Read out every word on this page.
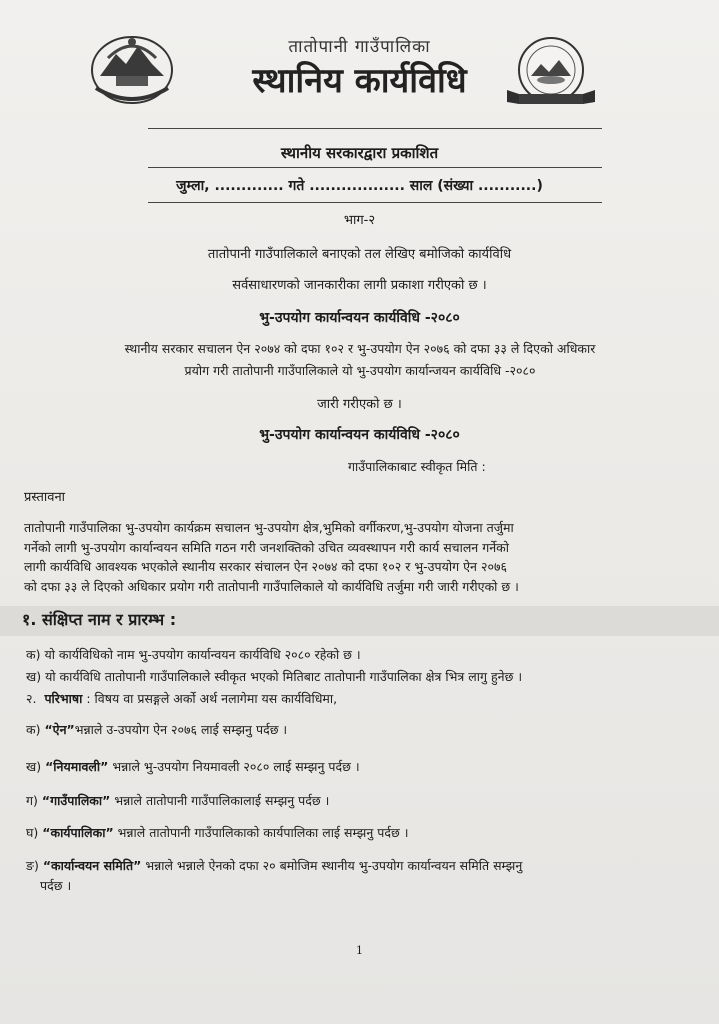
तातोपानी गाउँपालिका
स्थानिय कार्यविधि
स्थानीय सरकारद्वारा प्रकाशित
जुम्ला, ............. गते .................. साल (संख्या ...........)
भाग-२
तातोपानी गाउँपालिकाले बनाएको तल लेखिए बमोजिको कार्यविधि
सर्वसाधारणको जानकारीका लागी प्रकाशा गरीएको छ ।
भु-उपयोग कार्यान्वयन कार्यविधि -२०८०
स्थानीय सरकार सचालन ऐन २०७४ को दफा १०२ र भु-उपयोग ऐन २०७६ को दफा ३३ ले दिएको अधिकार
प्रयोग गरी तातोपानी गाउँपालिकाले यो भु-उपयोग कार्यान्जयन कार्यविधि -२०८०
जारी गरीएको छ ।
भु-उपयोग कार्यान्वयन कार्यविधि -२०८०
गाउँपालिकाबाट स्वीकृत मिति :
प्रस्तावना
तातोपानी गाउँपालिका भु-उपयोग कार्यक्रम सचालन भु-उपयोग क्षेत्र,भुमिको वर्गीकरण,भु-उपयोग योजना तर्जुमा
गर्नेको लागी भु-उपयोग कार्यान्वयन समिति गठन गरी जनशक्तिको उचित व्यवस्थापन गरी कार्य सचालन गर्नेको
लागी कार्यविधि आवश्यक भएकोले स्थानीय सरकार संचालन ऐन २०७४ को दफा १०२ र भु-उपयोग ऐन २०७६
को दफा ३३ ले दिएको अधिकार प्रयोग गरी तातोपानी गाउँपालिकाले यो कार्यविधि तर्जुमा गरी जारी गरीएको छ ।
१. संक्षिप्त नाम र प्रारम्भ :
क) यो कार्यविधिको नाम भु-उपयोग कार्यान्वयन कार्यविधि २०८० रहेको छ ।
ख) यो कार्यविधि तातोपानी गाउँपालिकाले स्वीकृत भएको मितिबाट तातोपानी गाउँपालिका क्षेत्र भित्र लागु हुनेछ ।
२. परिभाषा : विषय वा प्रसङ्गले अर्को अर्थ नलागेमा यस कार्यविधिमा,
क) “ऐन”भन्नाले उ-उपयोग ऐन २०७६ लाई सम्झनु पर्दछ ।
ख) “नियमावली” भन्नाले भु-उपयोग नियमावली २०८० लाई सम्झनु पर्दछ ।
ग) “गाउँपालिका” भन्नाले तातोपानी गाउँपालिकालाई सम्झनु पर्दछ ।
घ) “कार्यपालिका” भन्नाले तातोपानी गाउँपालिकाको कार्यपालिका लाई सम्झनु पर्दछ ।
ङ) “कार्यान्वयन समिति” भन्नाले भन्नाले ऐनको दफा २० बमोजिम स्थानीय भु-उपयोग कार्यान्वयन समिति सम्झनु
पर्दछ ।
1
